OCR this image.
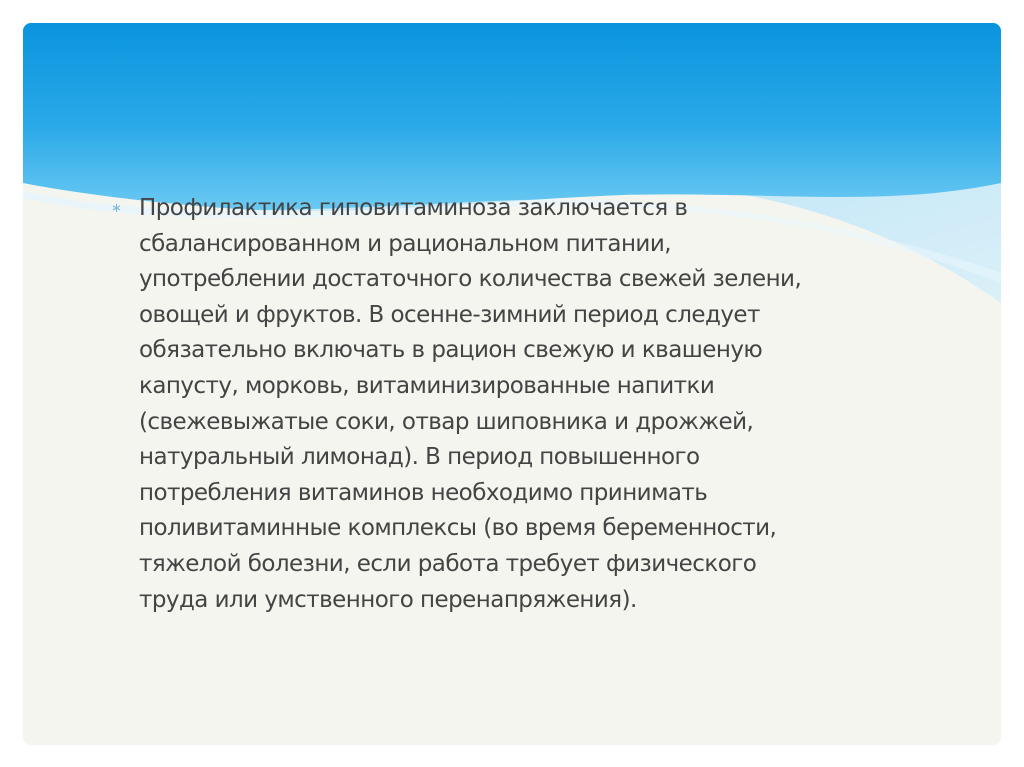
∗ Профилактика гиповитаминоза заключается в
сбалансированном и рациональном питании,
употреблении достаточного количества свежей зелени,
овощей и фруктов. В осенне-зимний период следует
обязательно включать в рацион свежую и квашеную
капусту, морковь, витаминизированные напитки
(свежевыжатые соки, отвар шиповника и дрожжей,
натуральный лимонад). В период повышенного
потребления витаминов необходимо принимать
поливитаминные комплексы (во время беременности,
тяжелой болезни, если работа требует физического
труда или умственного перенапряжения).
